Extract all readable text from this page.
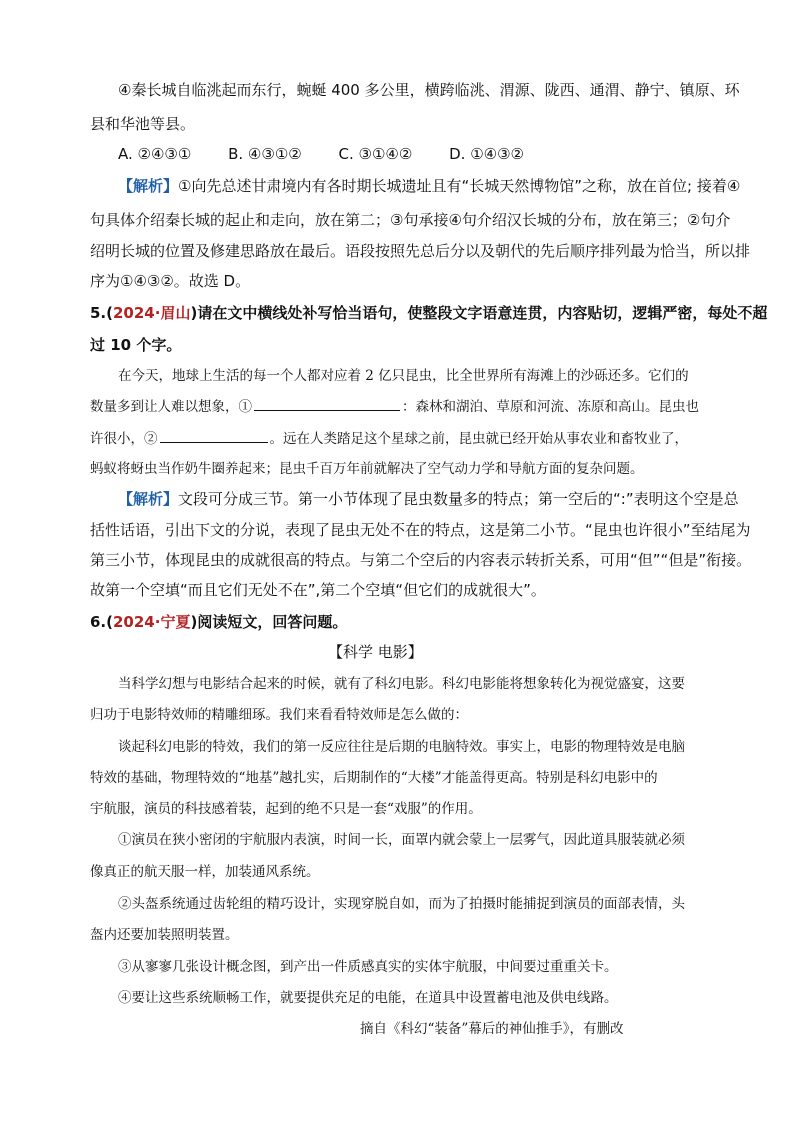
④秦长城自临洮起而东行，蜿蜒 400 多公里，横跨临洮、渭源、陇西、通渭、静宁、镇原、环
县和华池等县。
A. ②④③① B. ④③①② C. ③①④② D. ①④③②
【解析】①向先总述甘肃境内有各时期长城遗址且有“长城天然博物馆”之称，放在首位; 接着④
句具体介绍秦长城的起止和走向，放在第二；③句承接④句介绍汉长城的分布，放在第三；②句介
绍明长城的位置及修建思路放在最后。语段按照先总后分以及朝代的先后顺序排列最为恰当，所以排
序为①④③②。故选 D。
5.(2024·眉山)请在文中横线处补写恰当语句，使整段文字语意连贯，内容贴切，逻辑严密，每处不超
过 10 个字。
在今天，地球上生活的每一个人都对应着 2 亿只昆虫，比全世界所有海滩上的沙砾还多。它们的
数量多到让人难以想象，①	：森林和湖泊、草原和河流、冻原和高山。昆虫也
许很小，②	。远在人类踏足这个星球之前，昆虫就已经开始从事农业和畜牧业了，
蚂蚁将蚜虫当作奶牛圈养起来；昆虫千百万年前就解决了空气动力学和导航方面的复杂问题。
【解析】文段可分成三节。第一小节体现了昆虫数量多的特点；第一空后的“:”表明这个空是总
括性话语，引出下文的分说，表现了昆虫无处不在的特点，这是第二小节。“昆虫也许很小”至结尾为
第三小节，体现昆虫的成就很高的特点。与第二个空后的内容表示转折关系，可用“但”“但是”衔接。
故第一个空填“而且它们无处不在”,第二个空填“但它们的成就很大”。
6.(2024·宁夏)阅读短文，回答问题。
【科学 电影】
当科学幻想与电影结合起来的时候，就有了科幻电影。科幻电影能将想象转化为视觉盛宴，这要
归功于电影特效师的精雕细琢。我们来看看特效师是怎么做的：
谈起科幻电影的特效，我们的第一反应往往是后期的电脑特效。事实上，电影的物理特效是电脑
特效的基础，物理特效的“地基”越扎实，后期制作的“大楼”才能盖得更高。特别是科幻电影中的
宇航服，演员的科技感着装，起到的绝不只是一套“戏服”的作用。
①演员在狭小密闭的宇航服内表演，时间一长，面罩内就会蒙上一层雾气，因此道具服装就必须
像真正的航天服一样，加装通风系统。
②头盔系统通过齿轮组的精巧设计，实现穿脱自如，而为了拍摄时能捕捉到演员的面部表情，头
盔内还要加装照明装置。
③从寥寥几张设计概念图，到产出一件质感真实的实体宇航服，中间要过重重关卡。
④要让这些系统顺畅工作，就要提供充足的电能，在道具中设置蓄电池及供电线路。
摘自《科幻“装备”幕后的神仙推手》，有删改
